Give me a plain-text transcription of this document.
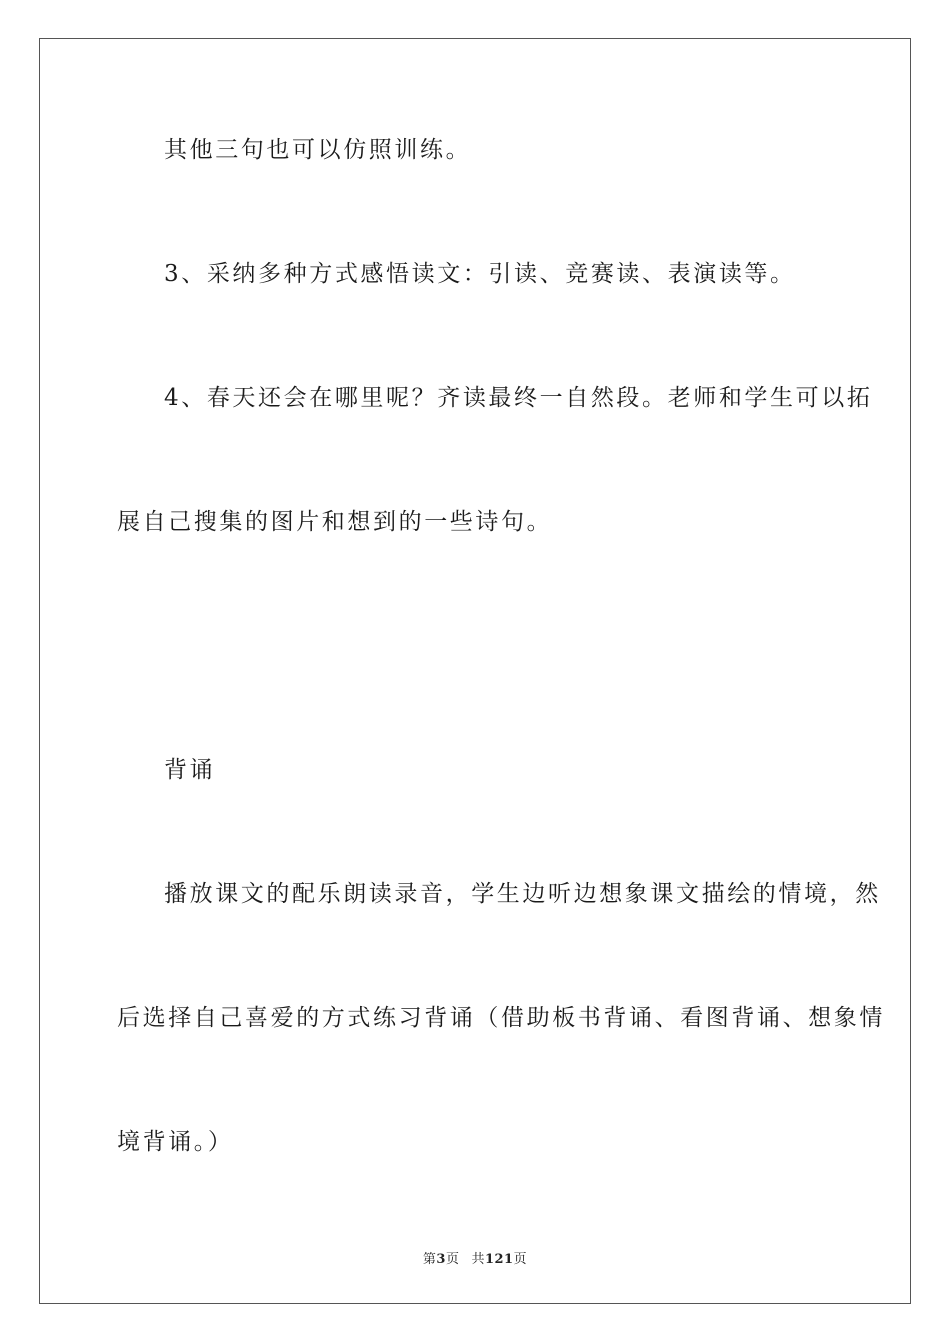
其他三句也可以仿照训练。
3、采纳多种方式感悟读文：引读、竞赛读、表演读等。
4、春天还会在哪里呢？齐读最终一自然段。老师和学生可以拓
展自己搜集的图片和想到的一些诗句。
背诵
播放课文的配乐朗读录音，学生边听边想象课文描绘的情境，然
后选择自己喜爱的方式练习背诵（借助板书背诵、看图背诵、想象情
境背诵。）
第3页 共121页
